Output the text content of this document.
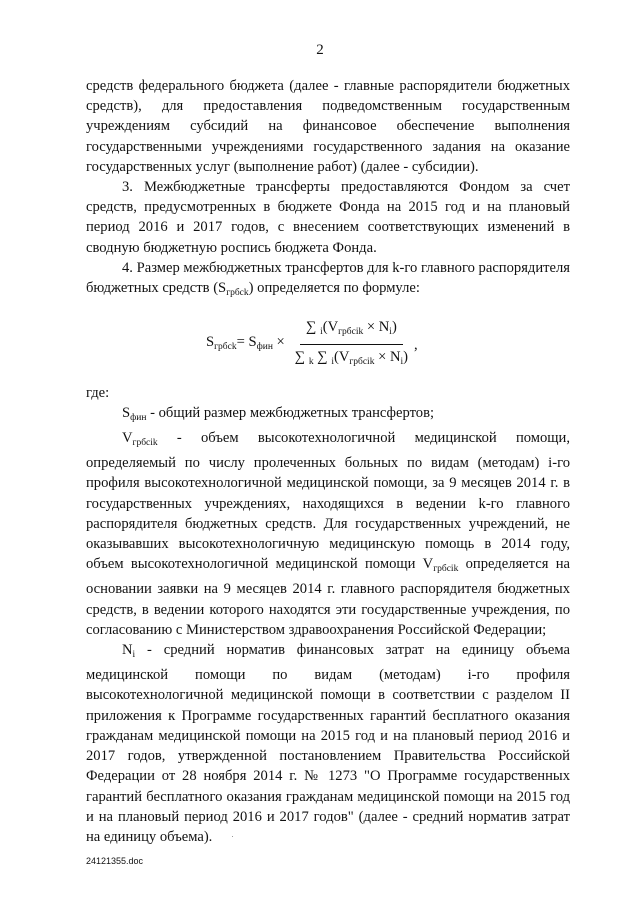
2

средств федерального бюджета (далее - главные распорядители бюджетных средств), для предоставления подведомственным государственным учреждениям субсидий на финансовое обеспечение выполнения государственными учреждениями государственного задания на оказание государственных услуг (выполнение работ) (далее - субсидии).

3. Межбюджетные трансферты предоставляются Фондом за счет средств, предусмотренных в бюджете Фонда на 2015 год и на плановый период 2016 и 2017 годов, с внесением соответствующих изменений в сводную бюджетную роспись бюджета Фонда.

4. Размер межбюджетных трансфертов для k-го главного распорядителя бюджетных средств $(S_{грбсk})$ определяется по формуле:

$S_{грбсk} = S_{фин} \times \frac{\sum _i(V_{грбсik} \times N_i)}{\sum _k \sum _i(V_{грбсik} \times N_i)}$ ,

где:

$S_{фин}$ - общий размер межбюджетных трансфертов;

$V_{грбсik}$ - объем высокотехнологичной медицинской помощи, определяемый по числу пролеченных больных по видам (методам) i-го профиля высокотехнологичной медицинской помощи, за 9 месяцев 2014 г. в государственных учреждениях, находящихся в ведении k-го главного распорядителя бюджетных средств. Для государственных учреждений, не оказывавших высокотехнологичную медицинскую помощь в 2014 году, объем высокотехнологичной медицинской помощи $V_{грбсik}$ определяется на основании заявки на 9 месяцев 2014 г. главного распорядителя бюджетных средств, в ведении которого находятся эти государственные учреждения, по согласованию с Министерством здравоохранения Российской Федерации;

$N_i$ - средний норматив финансовых затрат на единицу объема медицинской помощи по видам (методам) i-го профиля высокотехнологичной медицинской помощи в соответствии с разделом II приложения к Программе государственных гарантий бесплатного оказания гражданам медицинской помощи на 2015 год и на плановый период 2016 и 2017 годов, утвержденной постановлением Правительства Российской Федерации от 28 ноября 2014 г. № 1273 "О Программе государственных гарантий бесплатного оказания гражданам медицинской помощи на 2015 год и на плановый период 2016 и 2017 годов" (далее - средний норматив затрат на единицу объема).

24121355.doc
